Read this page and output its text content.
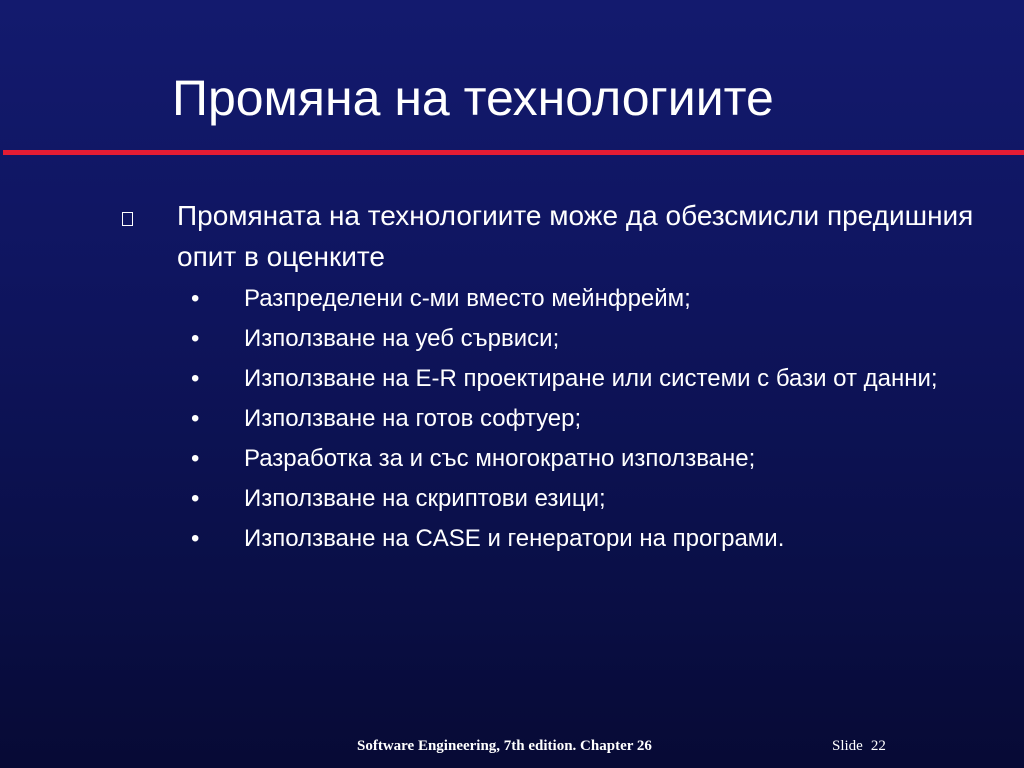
Промяна на технологиите
Промяната на технологиите може да обезсмисли предишния опит в оценките
• Разпределени с-ми вместо мейнфрейм;
• Използване на уеб сървиси;
• Използване на E-R проектиране или системи с бази от данни;
• Използване на готов софтуер;
• Разработка за и със многократно използване;
• Използване на скриптови езици;
• Използване на CASE и генератори на програми.
Software Engineering, 7th edition. Chapter 26	Slide 22
